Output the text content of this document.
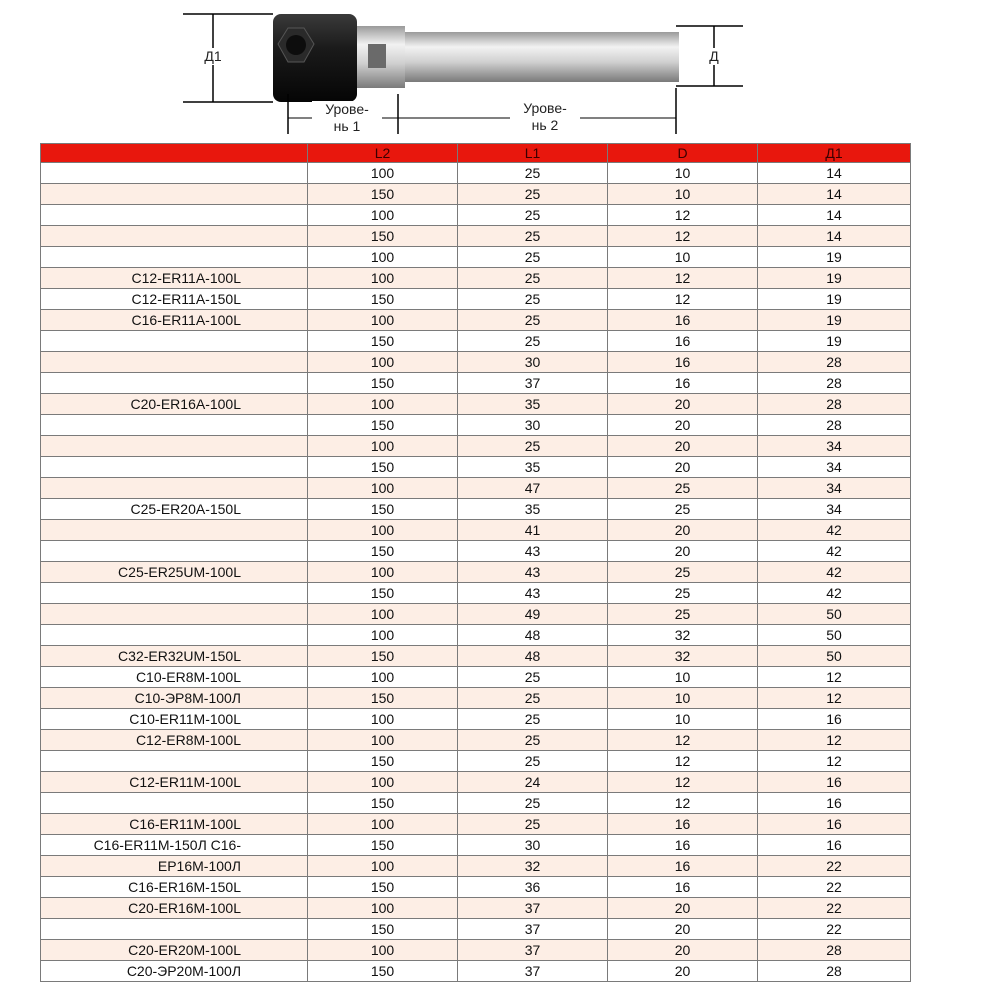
Д1	Д
Урове-
нь 1
Урове-
нь 2
	L2	L1	D	Д1
	100	25	10	14
	150	25	10	14
	100	25	12	14
	150	25	12	14
	100	25	10	19
C12-ER11A-100L	100	25	12	19
C12-ER11A-150L	150	25	12	19
C16-ER11A-100L	100	25	16	19
	150	25	16	19
	100	30	16	28
	150	37	16	28
C20-ER16A-100L	100	35	20	28
	150	30	20	28
	100	25	20	34
	150	35	20	34
	100	47	25	34
C25-ER20A-150L	150	35	25	34
	100	41	20	42
	150	43	20	42
C25-ER25UM-100L	100	43	25	42
	150	43	25	42
	100	49	25	50
	100	48	32	50
C32-ER32UM-150L	150	48	32	50
C10-ER8M-100L	100	25	10	12
C10-ЭР8М-100Л	150	25	10	12
C10-ER11M-100L	100	25	10	16
C12-ER8M-100L	100	25	12	12
	150	25	12	12
C12-ER11M-100L	100	24	12	16
	150	25	12	16
C16-ER11M-100L	100	25	16	16
C16-ER11M-150Л C16-	150	30	16	16
ЕР16М-100Л	100	32	16	22
C16-ER16M-150L	150	36	16	22
C20-ER16M-100L	100	37	20	22
	150	37	20	22
C20-ER20M-100L	100	37	20	28
C20-ЭР20М-100Л	150	37	20	28
